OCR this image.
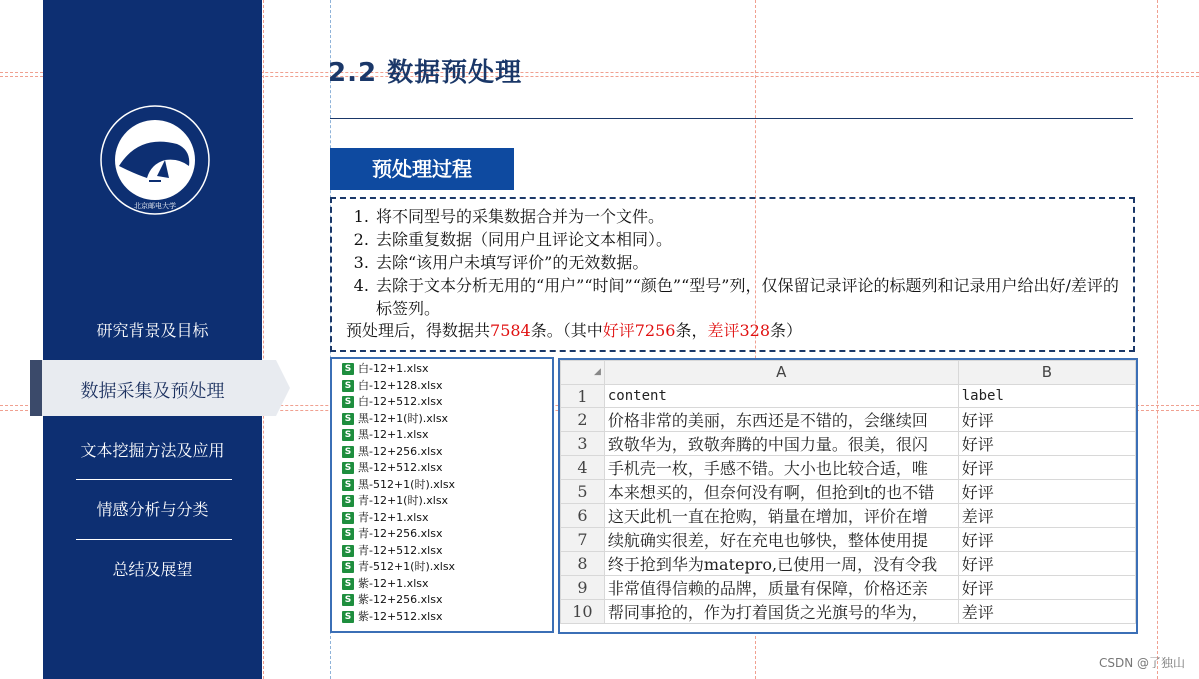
北京邮电大学
研究背景及目标
数据采集及预处理
文本挖掘方法及应用
情感分析与分类
总结及展望
2.2 数据预处理
预处理过程
1. 将不同型号的采集数据合并为一个文件。
2. 去除重复数据（同用户且评论文本相同）。
3. 去除“该用户未填写评价”的无效数据。
4. 去除于文本分析无用的“用户”“时间”“颜色”“型号”列，仅保留记录评论的标题列和记录用户给出好/差评的标签列。
预处理后，得数据共7584条。（其中好评7256条，差评328条）
S 白-12+1.xlsx
S 白-12+128.xlsx
S 白-12+512.xlsx
S 黑-12+1(时).xlsx
S 黑-12+1.xlsx
S 黑-12+256.xlsx
S 黑-12+512.xlsx
S 黑-512+1(时).xlsx
S 青-12+1(时).xlsx
S 青-12+1.xlsx
S 青-12+256.xlsx
S 青-12+512.xlsx
S 青-512+1(时).xlsx
S 紫-12+1.xlsx
S 紫-12+256.xlsx
S 紫-12+512.xlsx
◢	A	B
1	content	label
2	价格非常的美丽，东西还是不错的，会继续回	好评
3	致敬华为，致敬奔腾的中国力量。很美，很闪	好评
4	手机壳一枚，手感不错。大小也比较合适，唯	好评
5	本来想买的，但奈何没有啊，但抢到t的也不错	好评
6	这天此机一直在抢购，销量在增加，评价在增	差评
7	续航确实很差，好在充电也够快，整体使用提	好评
8	终于抢到华为matepro,已使用一周，没有令我	好评
9	非常值得信赖的品牌，质量有保障，价格还亲	好评
10	帮同事抢的，作为打着国货之光旗号的华为，	差评
CSDN @了独山
